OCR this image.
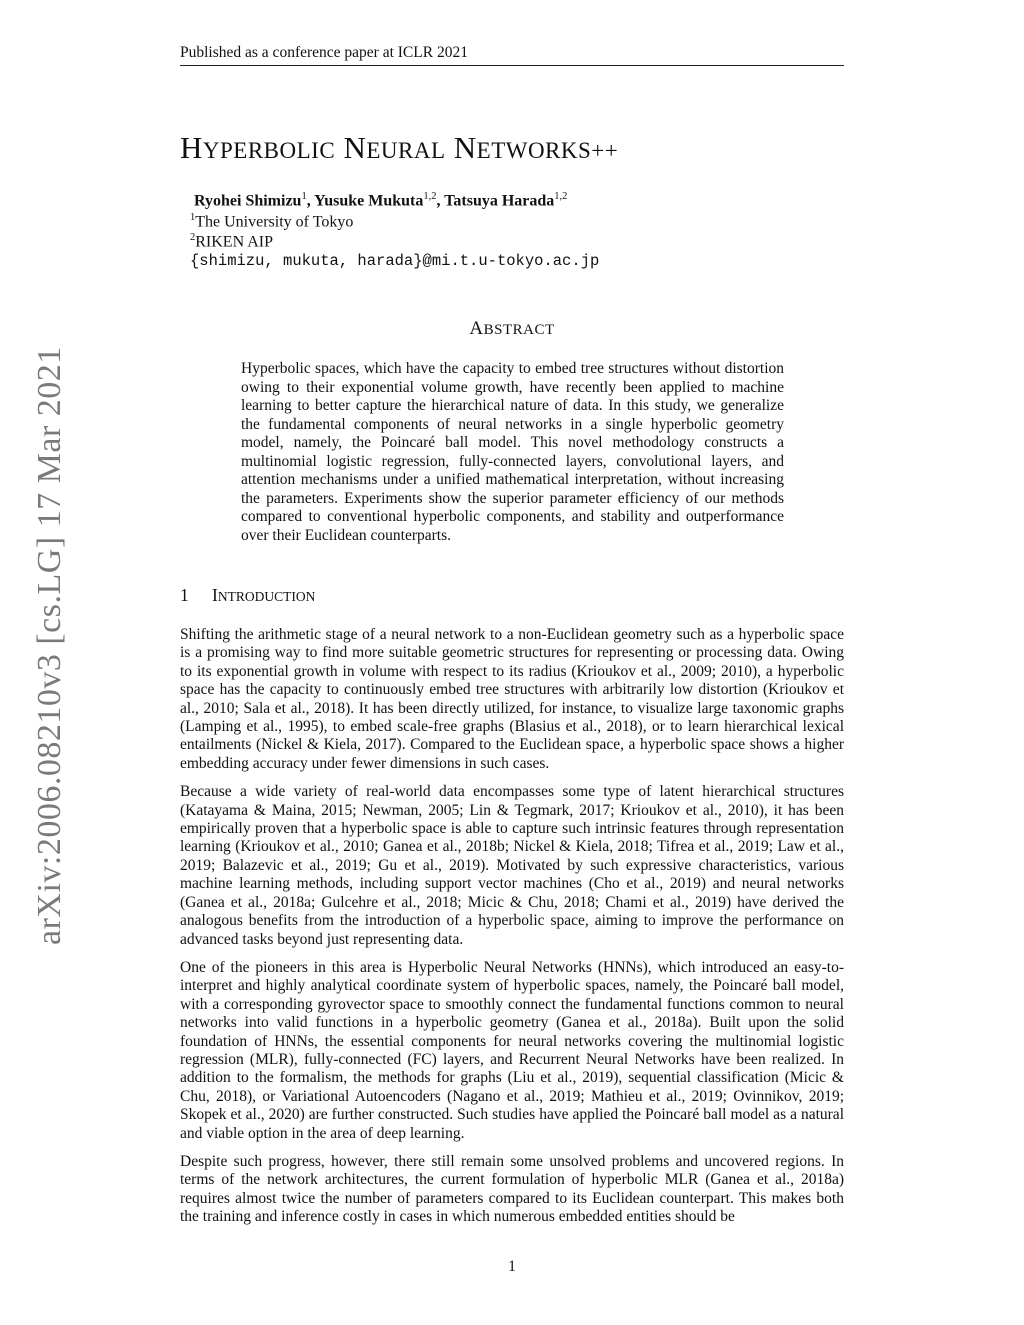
Published as a conference paper at ICLR 2021
arXiv:2006.08210v3 [cs.LG] 17 Mar 2021
HYPERBOLIC NEURAL NETWORKS++
Ryohei Shimizu$^1$, Yusuke Mukuta$^{1,2}$, Tatsuya Harada$^{1,2}$
$^1$The University of Tokyo
$^2$RIKEN AIP
{shimizu, mukuta, harada}@mi.t.u-tokyo.ac.jp
ABSTRACT
Hyperbolic spaces, which have the capacity to embed tree structures without distortion owing to their exponential volume growth, have recently been applied to machine learning to better capture the hierarchical nature of data. In this study, we generalize the fundamental components of neural networks in a single hyperbolic geometry model, namely, the Poincaré ball model. This novel methodology constructs a multinomial logistic regression, fully-connected layers, convolutional layers, and attention mechanisms under a unified mathematical interpretation, without increasing the parameters. Experiments show the superior parameter efficiency of our methods compared to conventional hyperbolic components, and stability and outperformance over their Euclidean counterparts.
1 INTRODUCTION

Shifting the arithmetic stage of a neural network to a non-Euclidean geometry such as a hyperbolic space is a promising way to find more suitable geometric structures for representing or processing data. Owing to its exponential growth in volume with respect to its radius (Krioukov et al., 2009; 2010), a hyperbolic space has the capacity to continuously embed tree structures with arbitrarily low distortion (Krioukov et al., 2010; Sala et al., 2018). It has been directly utilized, for instance, to visualize large taxonomic graphs (Lamping et al., 1995), to embed scale-free graphs (Blasius et al., 2018), or to learn hierarchical lexical entailments (Nickel & Kiela, 2017). Compared to the Euclidean space, a hyperbolic space shows a higher embedding accuracy under fewer dimensions in such cases.

Because a wide variety of real-world data encompasses some type of latent hierarchical structures (Katayama & Maina, 2015; Newman, 2005; Lin & Tegmark, 2017; Krioukov et al., 2010), it has been empirically proven that a hyperbolic space is able to capture such intrinsic features through representation learning (Krioukov et al., 2010; Ganea et al., 2018b; Nickel & Kiela, 2018; Tifrea et al., 2019; Law et al., 2019; Balazevic et al., 2019; Gu et al., 2019). Motivated by such expressive characteristics, various machine learning methods, including support vector machines (Cho et al., 2019) and neural networks (Ganea et al., 2018a; Gulcehre et al., 2018; Micic & Chu, 2018; Chami et al., 2019) have derived the analogous benefits from the introduction of a hyperbolic space, aiming to improve the performance on advanced tasks beyond just representing data.

One of the pioneers in this area is Hyperbolic Neural Networks (HNNs), which introduced an easy-to-interpret and highly analytical coordinate system of hyperbolic spaces, namely, the Poincaré ball model, with a corresponding gyrovector space to smoothly connect the fundamental functions common to neural networks into valid functions in a hyperbolic geometry (Ganea et al., 2018a). Built upon the solid foundation of HNNs, the essential components for neural networks covering the multinomial logistic regression (MLR), fully-connected (FC) layers, and Recurrent Neural Networks have been realized. In addition to the formalism, the methods for graphs (Liu et al., 2019), sequential classification (Micic & Chu, 2018), or Variational Autoencoders (Nagano et al., 2019; Mathieu et al., 2019; Ovinnikov, 2019; Skopek et al., 2020) are further constructed. Such studies have applied the Poincaré ball model as a natural and viable option in the area of deep learning.

Despite such progress, however, there still remain some unsolved problems and uncovered regions. In terms of the network architectures, the current formulation of hyperbolic MLR (Ganea et al., 2018a) requires almost twice the number of parameters compared to its Euclidean counterpart. This makes both the training and inference costly in cases in which numerous embedded entities should be

1
